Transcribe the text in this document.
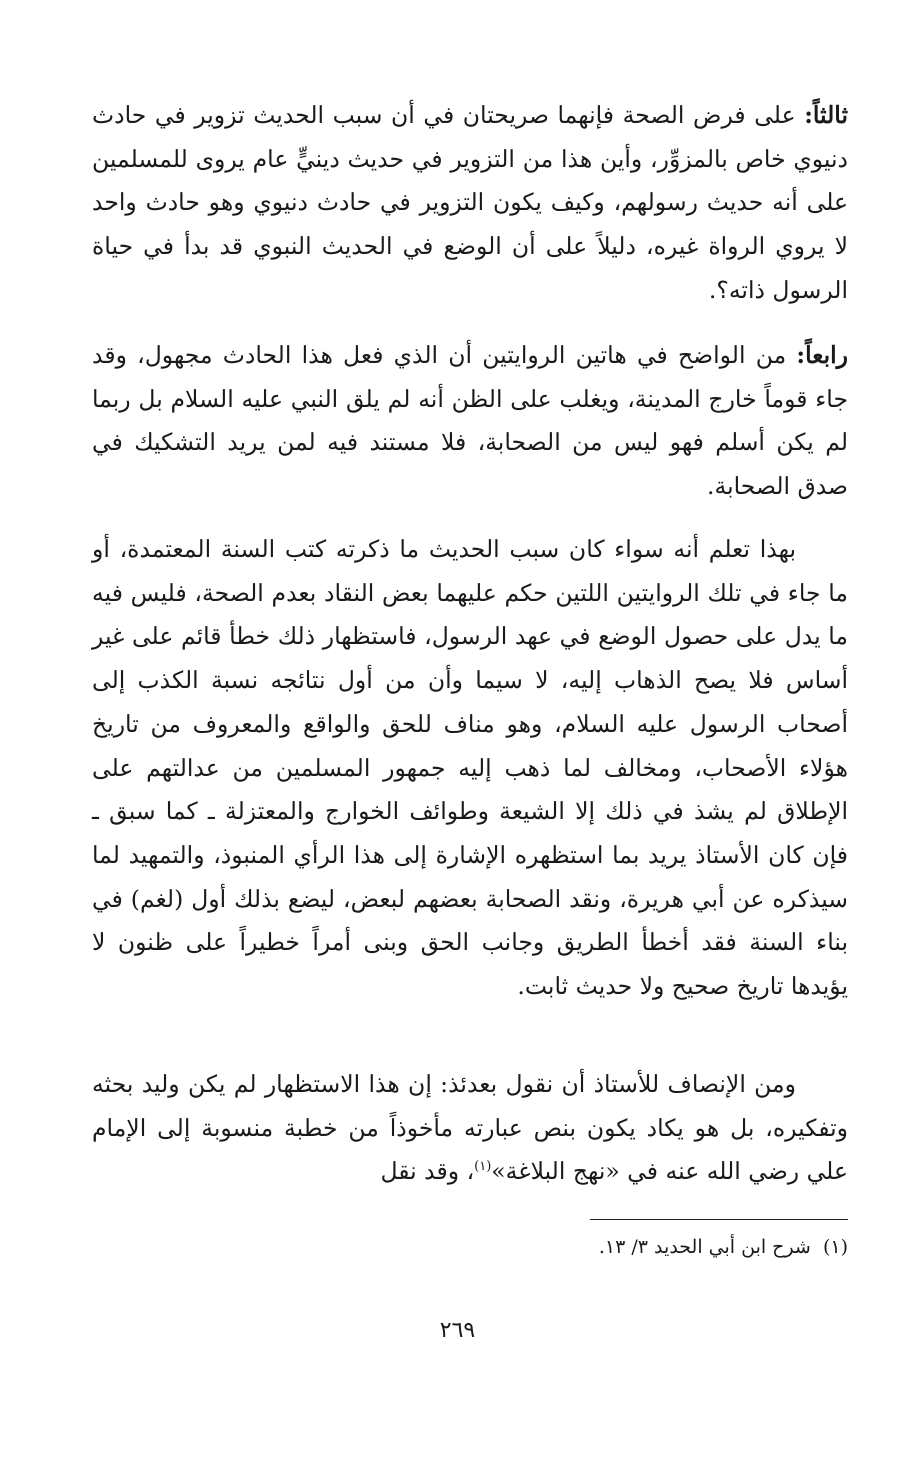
ثالثاً: على فرض الصحة فإنهما صريحتان في أن سبب الحديث تزوير في حادث دنيوي خاص بالمزوِّر، وأين هذا من التزوير في حديث دينيٍّ عام يروى للمسلمين على أنه حديث رسولهم، وكيف يكون التزوير في حادث دنيوي وهو حادث واحد لا يروي الرواة غيره، دليلاً على أن الوضع في الحديث النبوي قد بدأ في حياة الرسول ذاته؟.

رابعاً: من الواضح في هاتين الروايتين أن الذي فعل هذا الحادث مجهول، وقد جاء قوماً خارج المدينة، ويغلب على الظن أنه لم يلق النبي عليه السلام بل ربما لم يكن أسلم فهو ليس من الصحابة، فلا مستند فيه لمن يريد التشكيك في صدق الصحابة.

بهذا تعلم أنه سواء كان سبب الحديث ما ذكرته كتب السنة المعتمدة، أو ما جاء في تلك الروايتين اللتين حكم عليهما بعض النقاد بعدم الصحة، فليس فيه ما يدل على حصول الوضع في عهد الرسول، فاستظهار ذلك خطأ قائم على غير أساس فلا يصح الذهاب إليه، لا سيما وأن من أول نتائجه نسبة الكذب إلى أصحاب الرسول عليه السلام، وهو مناف للحق والواقع والمعروف من تاريخ هؤلاء الأصحاب، ومخالف لما ذهب إليه جمهور المسلمين من عدالتهم على الإطلاق لم يشذ في ذلك إلا الشيعة وطوائف الخوارج والمعتزلة ـ كما سبق ـ فإن كان الأستاذ يريد بما استظهره الإشارة إلى هذا الرأي المنبوذ، والتمهيد لما سيذكره عن أبي هريرة، ونقد الصحابة بعضهم لبعض، ليضع بذلك أول (لغم) في بناء السنة فقد أخطأ الطريق وجانب الحق وبنى أمراً خطيراً على ظنون لا يؤيدها تاريخ صحيح ولا حديث ثابت.

ومن الإنصاف للأستاذ أن نقول بعدئذ: إن هذا الاستظهار لم يكن وليد بحثه وتفكيره، بل هو يكاد يكون بنص عبارته مأخوذاً من خطبة منسوبة إلى الإمام علي رضي الله عنه في «نهج البلاغة»$^{(١)}$، وقد نقل

(١)  شرح ابن أبي الحديد ٣/ ١٣.
٢٦٩
